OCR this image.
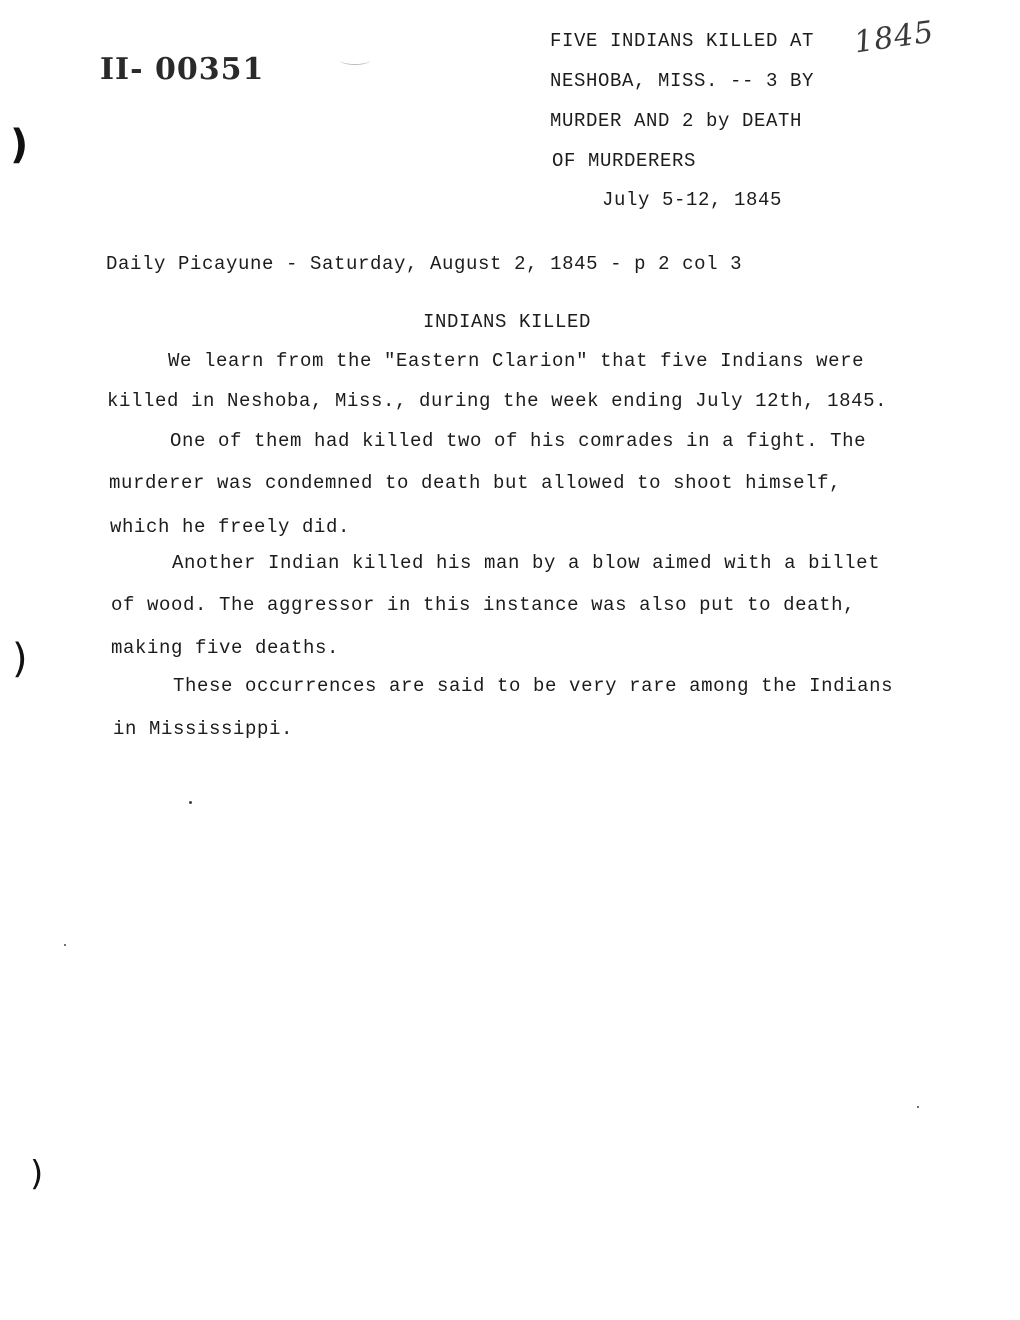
II- 00351
1845
FIVE INDIANS KILLED AT
NESHOBA, MISS. -- 3 BY
MURDER AND 2 by DEATH
OF MURDERERS
July 5-12, 1845
Daily Picayune - Saturday, August 2, 1845 - p 2 col 3
INDIANS KILLED
We learn from the "Eastern Clarion" that five Indians were
killed in Neshoba, Miss., during the week ending July 12th, 1845.
One of them had killed two of his comrades in a fight. The
murderer was condemned to death but allowed to shoot himself,
which he freely did.
Another Indian killed his man by a blow aimed with a billet
of wood. The aggressor in this instance was also put to death,
making five deaths.
These occurrences are said to be very rare among the Indians
in Mississippi.
)
)
)
